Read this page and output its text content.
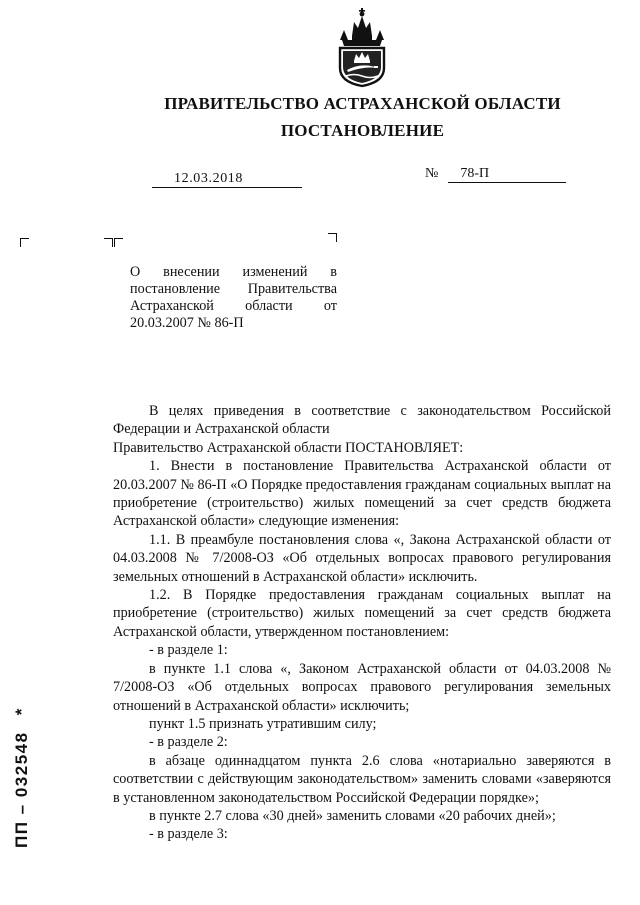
ПРАВИТЕЛЬСТВО АСТРАХАНСКОЙ ОБЛАСТИ
ПОСТАНОВЛЕНИЕ
12.03.2018	№ 78-П
О внесении изменений в постановление Правительства Астраханской области от 20.03.2007 № 86-П

В целях приведения в соответствие с законодательством Российской Федерации и Астраханской области

Правительство Астраханской области ПОСТАНОВЛЯЕТ:

1. Внести в постановление Правительства Астраханской области от 20.03.2007 № 86-П «О Порядке предоставления гражданам социальных выплат на приобретение (строительство) жилых помещений за счет средств бюджета Астраханской области» следующие изменения:

1.1. В преамбуле постановления слова «, Закона Астраханской области от 04.03.2008 № 7/2008-ОЗ «Об отдельных вопросах правового регулирования земельных отношений в Астраханской области» исключить.

1.2. В Порядке предоставления гражданам социальных выплат на приобретение (строительство) жилых помещений за счет средств бюджета Астраханской области, утвержденном постановлением:

- в разделе 1:

в пункте 1.1 слова «, Законом Астраханской области от 04.03.2008 № 7/2008-ОЗ «Об отдельных вопросах правового регулирования земельных отношений в Астраханской области» исключить;

пункт 1.5 признать утратившим силу;

- в разделе 2:

в абзаце одиннадцатом пункта 2.6 слова «нотариально заверяются в соответствии с действующим законодательством» заменить словами «заверяются в установленном законодательством Российской Федерации порядке»;

в пункте 2.7 слова «30 дней» заменить словами «20 рабочих дней»;

- в разделе 3:

ПП – 032548 *
